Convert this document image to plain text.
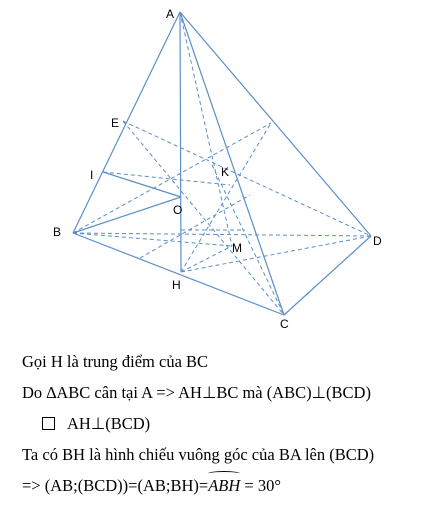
A
E
K
I
O
B
M	D
H
C
Gọi H là trung điểm của BC
Do ∆ABC cân tại A => AH⊥BC mà (ABC)⊥(BCD)
AH⊥(BCD)
Ta có BH là hình chiếu vuông góc của BA lên (BCD)
=> (AB;(BCD))=(AB;BH)=ABH = 30°
